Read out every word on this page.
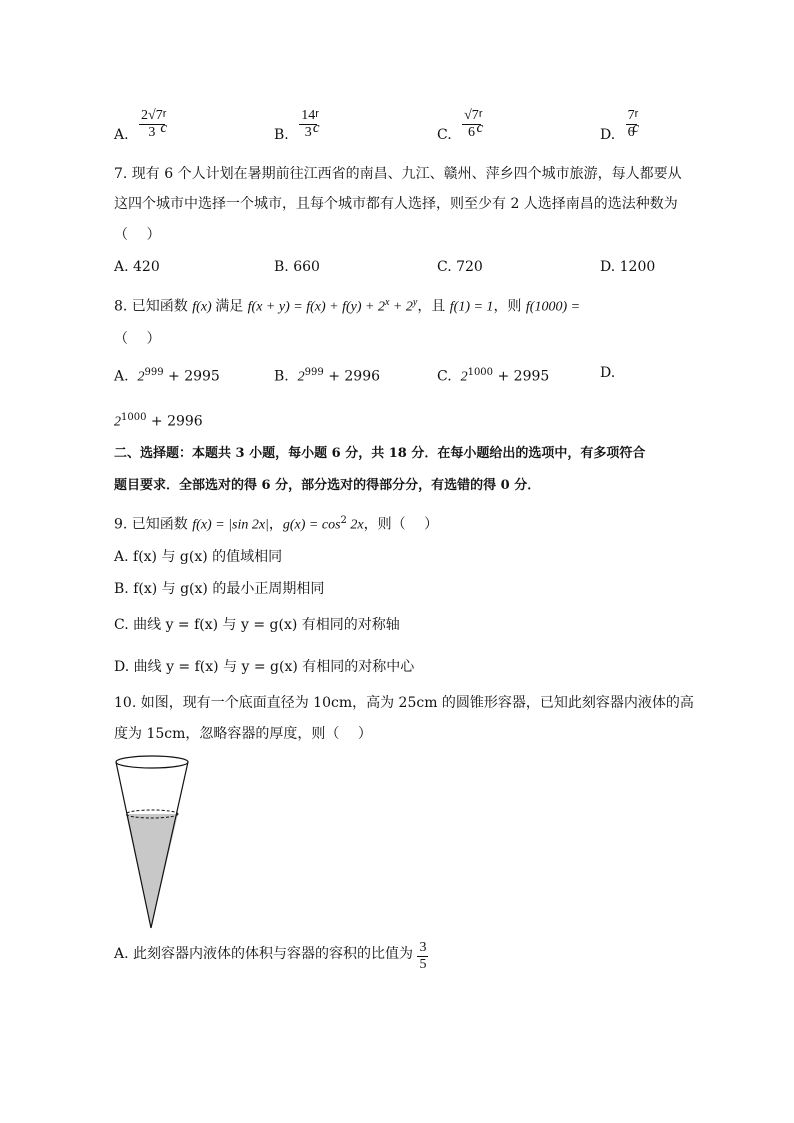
A. $\frac{2√7}{3}$
$^r$c	B. $\frac{14}{3}$
$^r$c	C. $\frac{√7}{6}$
$^r$c	D. $\frac{7}{6}$
$^r$c
7. 现有 6 个人计划在暑期前往江西省的南昌、九江、赣州、萍乡四个城市旅游，每人都要从
这四个城市中选择一个城市，且每个城市都有人选择，则至少有 2 人选择南昌的选法种数为
（　 ）
A. 420	B. 660	C. 720	D. 1200
8. 已知函数 f(x) 满足 $f(x + y) = f(x) + f(y) + 2^x + 2^y$，且 f(1) = 1，则 f(1000) =
（　 ）
A. $2^{999} + 2995$	B. $2^{999} + 2996$	C. $2^{1000} + 2995$	D.
$2^{1000} + 2996$
二、选择题：本题共 3 小题，每小题 6 分，共 18 分．在每小题给出的选项中，有多项符合
题目要求．全部选对的得 6 分，部分选对的得部分分，有选错的得 0 分．
9. 已知函数 f(x) = |sin 2x|，$g(x) = \cos^2 2x$，则（　 ）
A. f(x) 与 g(x) 的值域相同
B. f(x) 与 g(x) 的最小正周期相同
C. 曲线 y = f(x) 与 y = g(x) 有相同的对称轴
D. 曲线 y = f(x) 与 y = g(x) 有相同的对称中心
10. 如图，现有一个底面直径为 10cm，高为 25cm 的圆锥形容器，已知此刻容器内液体的高
度为 15cm，忽略容器的厚度，则（　 ）
A. 此刻容器内液体的体积与容器的容积的比值为 $\frac{3}{5}$
